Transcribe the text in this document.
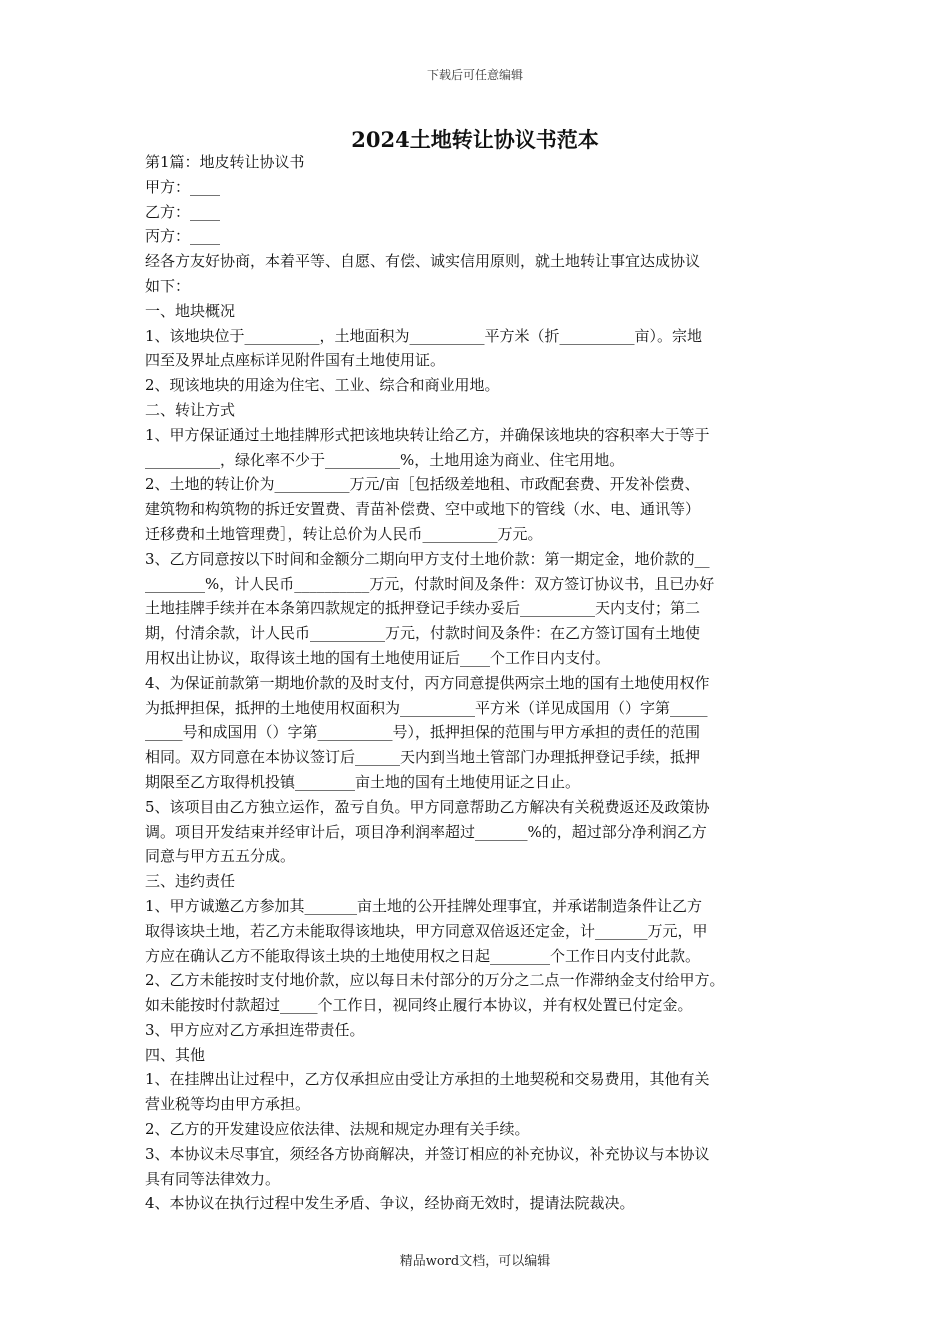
下载后可任意编辑
2024土地转让协议书范本
第1篇：地皮转让协议书
甲方：____
乙方：____
丙方：____
经各方友好协商，本着平等、自愿、有偿、诚实信用原则，就土地转让事宜达成协议
如下：
一、地块概况
1、该地块位于__________，土地面积为__________平方米（折__________亩）。宗地
四至及界址点座标详见附件国有土地使用证。
2、现该地块的用途为住宅、工业、综合和商业用地。
二、转让方式
1、甲方保证通过土地挂牌形式把该地块转让给乙方，并确保该地块的容积率大于等于
__________，绿化率不少于__________%，土地用途为商业、住宅用地。
2、土地的转让价为__________万元/亩［包括级差地租、市政配套费、开发补偿费、
建筑物和构筑物的拆迁安置费、青苗补偿费、空中或地下的管线（水、电、通讯等）
迁移费和土地管理费］，转让总价为人民币__________万元。
3、乙方同意按以下时间和金额分二期向甲方支付土地价款：第一期定金，地价款的__
________%，计人民币__________万元，付款时间及条件：双方签订协议书，且已办好
土地挂牌手续并在本条第四款规定的抵押登记手续办妥后__________天内支付；第二
期，付清余款，计人民币__________万元，付款时间及条件：在乙方签订国有土地使
用权出让协议，取得该土地的国有土地使用证后____个工作日内支付。
4、为保证前款第一期地价款的及时支付，丙方同意提供两宗土地的国有土地使用权作
为抵押担保，抵押的土地使用权面积为__________平方米（详见成国用（）字第_____
_____号和成国用（）字第__________号），抵押担保的范围与甲方承担的责任的范围
相同。双方同意在本协议签订后______天内到当地土管部门办理抵押登记手续，抵押
期限至乙方取得机投镇________亩土地的国有土地使用证之日止。
5、该项目由乙方独立运作，盈亏自负。甲方同意帮助乙方解决有关税费返还及政策协
调。项目开发结束并经审计后，项目净利润率超过_______%的，超过部分净利润乙方
同意与甲方五五分成。
三、违约责任
1、甲方诚邀乙方参加其_______亩土地的公开挂牌处理事宜，并承诺制造条件让乙方
取得该块土地，若乙方未能取得该地块，甲方同意双倍返还定金，计_______万元，甲
方应在确认乙方不能取得该土块的土地使用权之日起________个工作日内支付此款。
2、乙方未能按时支付地价款，应以每日未付部分的万分之二点一作滞纳金支付给甲方。
如未能按时付款超过_____个工作日，视同终止履行本协议，并有权处置已付定金。
3、甲方应对乙方承担连带责任。
四、其他
1、在挂牌出让过程中，乙方仅承担应由受让方承担的土地契税和交易费用，其他有关
营业税等均由甲方承担。
2、乙方的开发建设应依法律、法规和规定办理有关手续。
3、本协议未尽事宜，须经各方协商解决，并签订相应的补充协议，补充协议与本协议
具有同等法律效力。
4、本协议在执行过程中发生矛盾、争议，经协商无效时，提请法院裁决。
精品word文档，可以编辑
